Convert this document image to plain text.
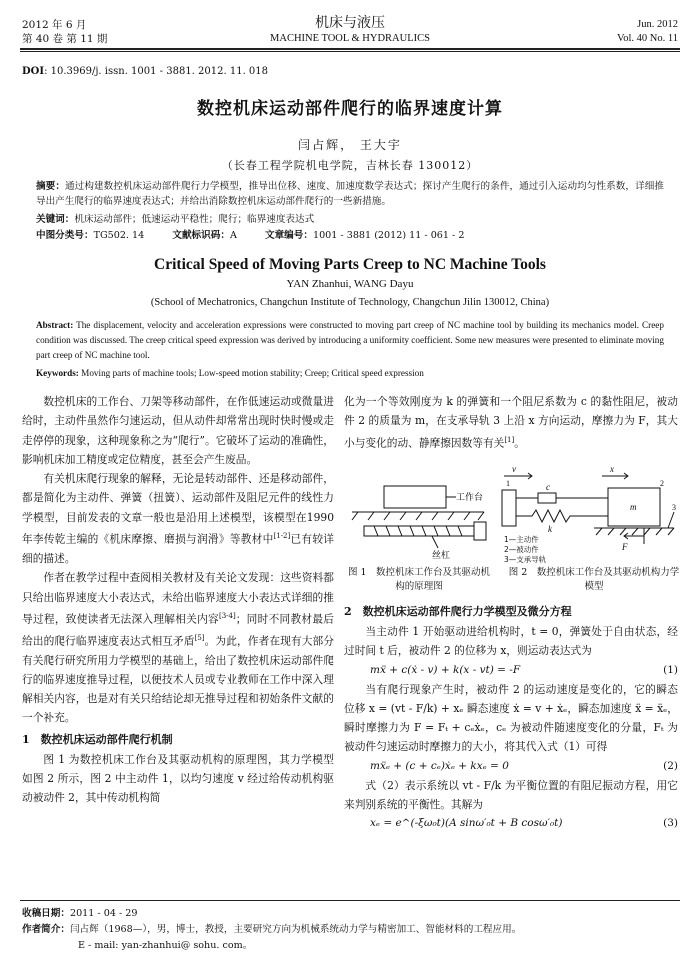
2012 年 6 月
第 40 卷 第 11 期
机床与液压
MACHINE TOOL & HYDRAULICS
Jun. 2012
Vol. 40 No. 11
DOI: 10.3969/j. issn. 1001 - 3881. 2012. 11. 018
数控机床运动部件爬行的临界速度计算
闫占辉， 王大宇
（长春工程学院机电学院，吉林长春 130012）
摘要：通过构建数控机床运动部件爬行力学模型，推导出位移、速度、加速度数学表达式；探讨产生爬行的条件，通过引入运动均匀性系数，详细推导出产生爬行的临界速度表达式；并给出消除数控机床运动部件爬行的一些新措施。
关键词：机床运动部件；低速运动平稳性；爬行；临界速度表达式
中图分类号：TG502. 14	文献标识码：A	文章编号：1001 - 3881 (2012) 11 - 061 - 2
Critical Speed of Moving Parts Creep to NC Machine Tools
YAN Zhanhui, WANG Dayu
(School of Mechatronics, Changchun Institute of Technology, Changchun Jilin 130012, China)
Abstract: The displacement, velocity and acceleration expressions were constructed to moving part creep of NC machine tool by building its mechanics model. Creep condition was discussed. The creep critical speed expression was derived by introducing a uniformity coefficient. Some new measures were presented to eliminate moving part creep of NC machine tool.
Keywords: Moving parts of machine tools; Low-speed motion stability; Creep; Critical speed expression

数控机床的工作台、刀架等移动部件，在作低速运动或微量进给时，主动件虽然作匀速运动，但从动件却常常出现时快时慢或走走停停的现象，这种现象称之为“爬行”。它破坏了运动的准确性，影响机床加工精度或定位精度，甚至会产生废品。

有关机床爬行现象的解释，无论是转动部件、还是移动部件，都是简化为主动件、弹簧（扭簧）、运动部件及阻尼元件的线性力学模型，目前发表的文章一般也是沿用上述模型，该模型在1990年李传乾主编的《机床摩擦、磨损与润滑》等教材中[1-2]已有较详细的描述。

作者在教学过程中查阅相关教材及有关论文发现：这些资料都只给出临界速度大小表达式，未给出临界速度大小表达式详细的推导过程，致使读者无法深入理解相关内容[3-4]；同时不同教材最后给出的爬行临界速度表达式相互矛盾[5]。为此，作者在现有大部分有关爬行研究所用力学模型的基础上，给出了数控机床运动部件爬行的临界速度推导过程，以便技术人员或专业教师在工作中深入理解相关内容，也是对有关只给结论却无推导过程和初始条件文献的一个补充。

1　数控机床运动部件爬行机制

图 1 为数控机床工作台及其驱动机构的原理图，其力学模型如图 2 所示，图 2 中主动件 1，以均匀速度 v 经过给传动机构驱动被动件 2，其中传动机构简

化为一个等效刚度为 k 的弹簧和一个阻尼系数为 c 的黏性阻尼，被动件 2 的质量为 m，在支承导轨 3 上沿 x 方向运动，摩擦力为 F，其大小与变化的动、静摩擦因数等有关[1]。

工作台
丝杠
v	x
c
k
m
F
1	2
3
1—主动件
2—被动件
3—支承导轨
图 1　数控机床工作台及其驱动机构的原理图
图 2　数控机床工作台及其驱动机构力学模型
2　数控机床运动部件爬行力学模型及微分方程

当主动件 1 开始驱动进给机构时，t = 0，弹簧处于自由状态，经过时间 t 后，被动件 2 的位移为 x，则运动表达式为

mẍ + c(ẋ - v) + k(x - vt) = -F	(1)

当有爬行现象产生时，被动件 2 的运动速度是变化的，它的瞬态位移 x = (vt - F/k) + xₑ 瞬态速度 ẋ = v + ẋₑ，瞬态加速度 ẍ = ẍₑ，瞬时摩擦力为 F = Fₜ + cₑẋₑ，cₑ 为被动件随速度变化的分量，Fₜ 为被动件匀速运动时摩擦力的大小，将其代入式（1）可得

mẍₑ + (c + cₑ)ẋₑ + kxₑ = 0	(2)

式（2）表示系统以 vt - F/k 为平衡位置的有阻尼振动方程，用它来判别系统的平衡性。其解为

xₑ = e^(-ξω₀t)(A sinω′₀t + B cosω′₀t)	(3)
收稿日期：2011 - 04 - 29
作者简介：闫占辉（1968—），男，博士，教授，主要研究方向为机械系统动力学与精密加工、智能材料的工程应用。
E - mail: yan-zhanhui@ sohu. com。
